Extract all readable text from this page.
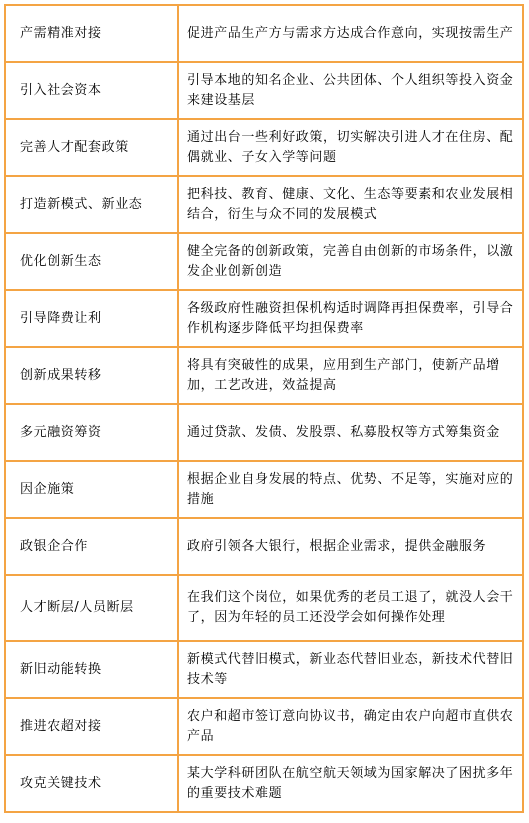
产需精准对接	促进产品生产方与需求方达成合作意向，实现按需生产
引入社会资本	引导本地的知名企业、公共团体、个人组织等投入资金来建设基层
完善人才配套政策	通过出台一些利好政策，切实解决引进人才在住房、配偶就业、子女入学等问题
打造新模式、新业态	把科技、教育、健康、文化、生态等要素和农业发展相结合，衍生与众不同的发展模式
优化创新生态	健全完备的创新政策，完善自由创新的市场条件，以激发企业创新创造
引导降费让利	各级政府性融资担保机构适时调降再担保费率，引导合作机构逐步降低平均担保费率
创新成果转移	将具有突破性的成果，应用到生产部门，使新产品增加，工艺改进，效益提高
多元融资筹资	通过贷款、发债、发股票、私募股权等方式筹集资金
因企施策	根据企业自身发展的特点、优势、不足等，实施对应的措施
政银企合作	政府引领各大银行，根据企业需求，提供金融服务
人才断层/人员断层	在我们这个岗位，如果优秀的老员工退了，就没人会干了，因为年轻的员工还没学会如何操作处理
新旧动能转换	新模式代替旧模式，新业态代替旧业态，新技术代替旧技术等
推进农超对接	农户和超市签订意向协议书，确定由农户向超市直供农产品
攻克关键技术	某大学科研团队在航空航天领域为国家解决了困扰多年的重要技术难题
